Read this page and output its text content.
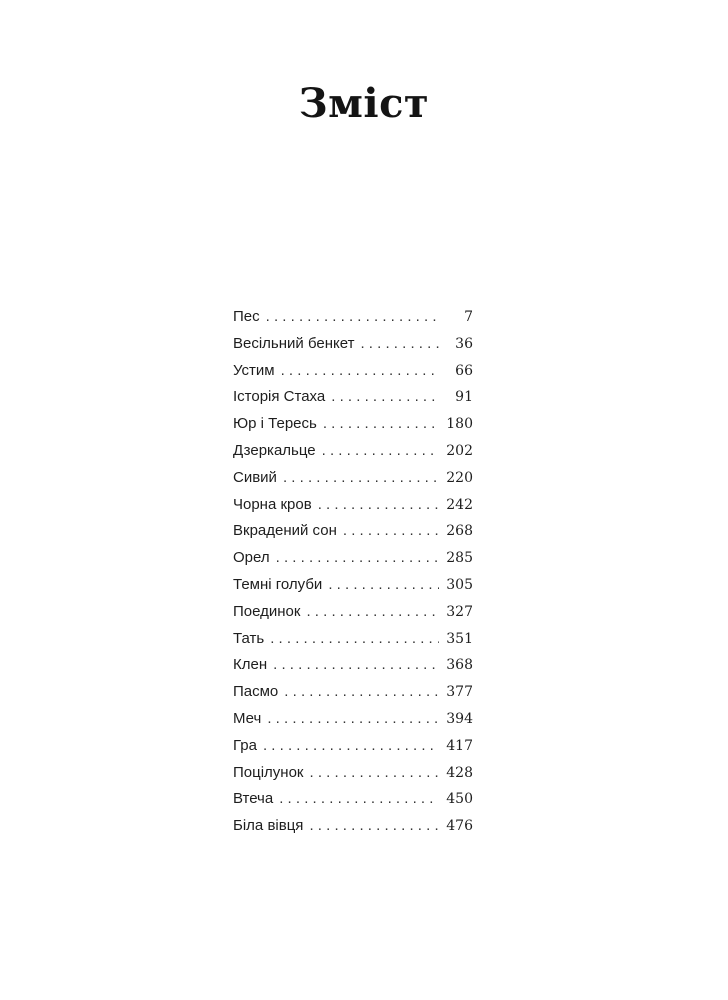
Зміст
Пес . . .	7
Весільний бенкет . . .	36
Устим . . .	66
Історія Стаха . . .	91
Юр і Тересь . . .	180
Дзеркальце . . .	202
Сивий . . .	220
Чорна кров . . .	242
Вкрадений сон . . .	268
Орел . . .	285
Темні голуби . . .	305
Поединок . . .	327
Тать . . .	351
Клен . . .	368
Пасмо . . .	377
Меч . . .	394
Гра . . .	417
Поцілунок . . .	428
Втеча . . .	450
Біла вівця . . .	476
